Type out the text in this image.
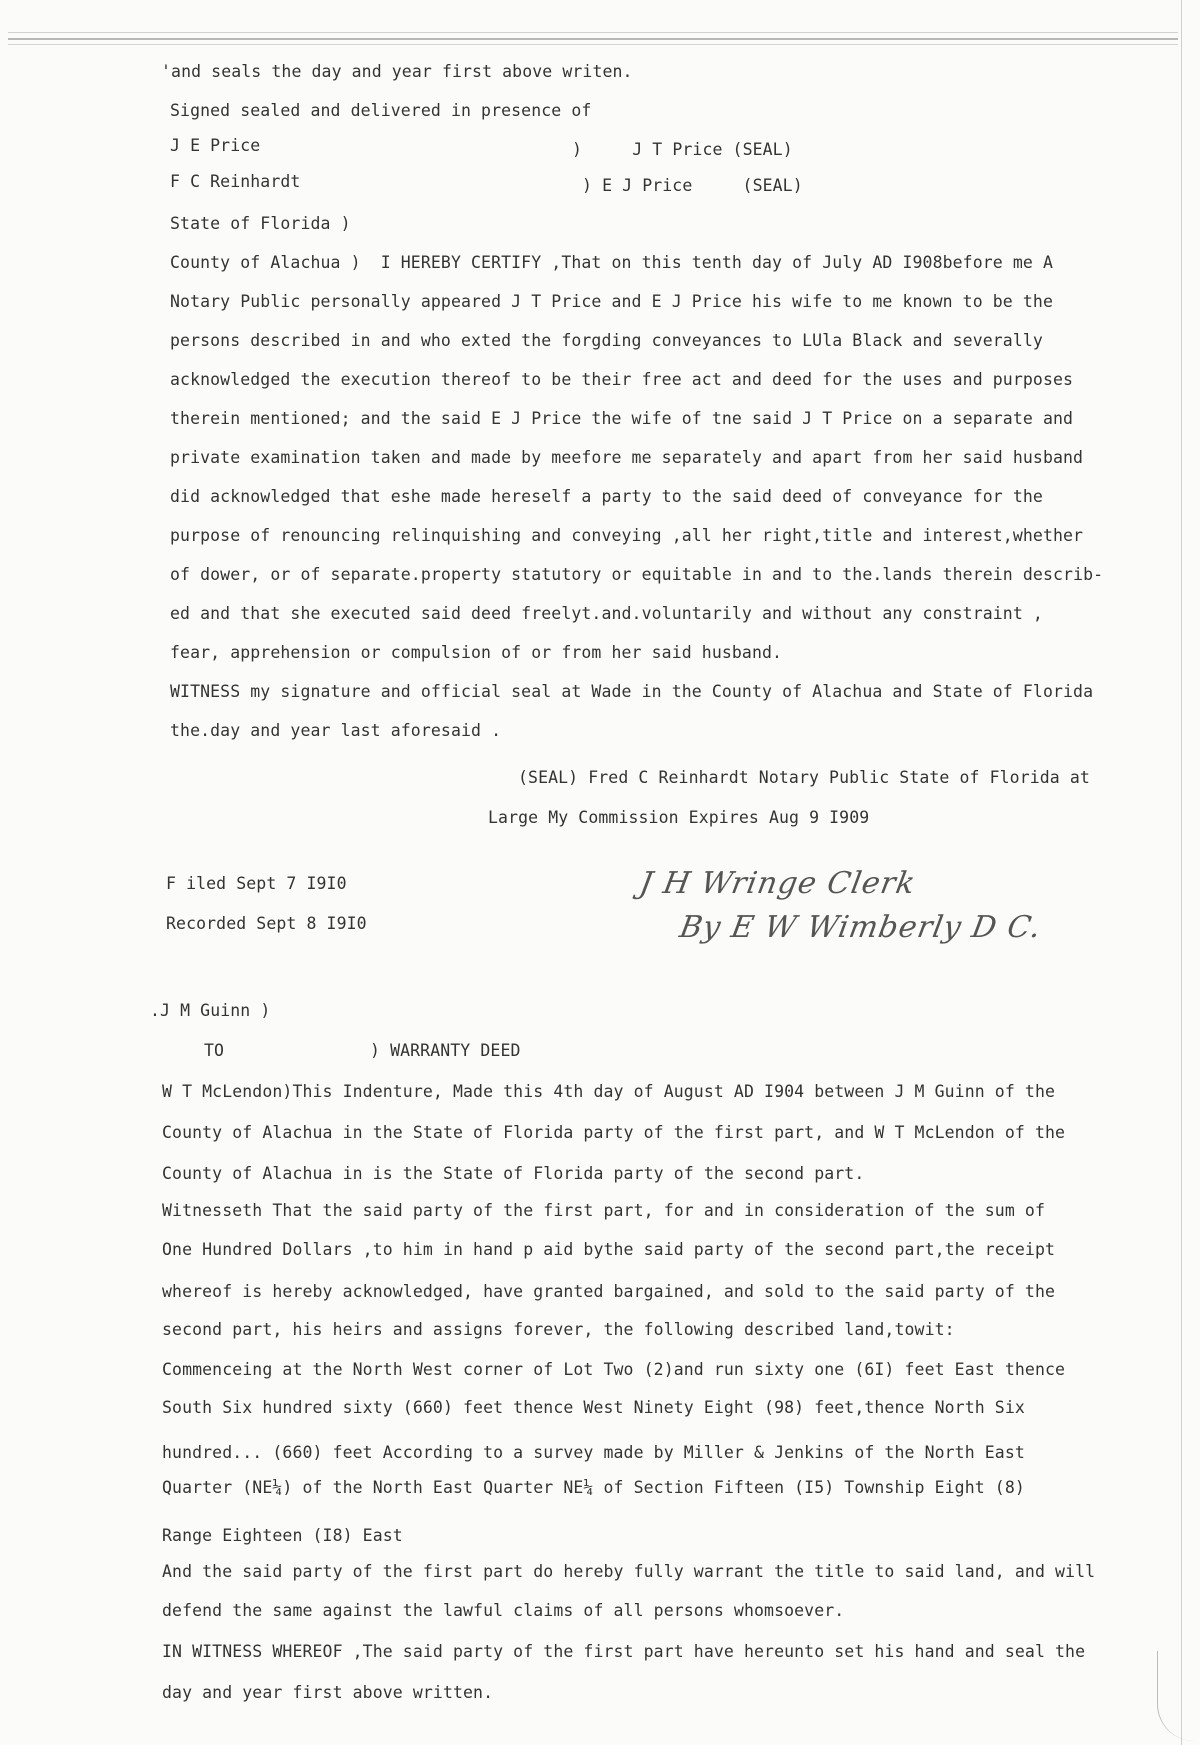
'and seals the day and year first above writen.
Signed sealed and delivered in presence of
J E Price	)     J T Price (SEAL)
F C Reinhardt	) E J Price     (SEAL)
State of Florida )
County of Alachua )  I HEREBY CERTIFY ,That on this tenth day of July AD I908before me A
Notary Public personally appeared J T Price and E J Price his wife to me known to be the
persons described in and who exted the forgding conveyances to LUla Black and severally
acknowledged the execution thereof to be their free act and deed for the uses and purposes
therein mentioned; and the said E J Price the wife of tne said J T Price on a separate and
private examination taken and made by meefore me separately and apart from her said husband
did acknowledged that eshe made hereself a party to the said deed of conveyance for the
purpose of renouncing relinquishing and conveying ,all her right,title and interest,whether
of dower, or of separate.property statutory or equitable in and to the.lands therein describ-
ed and that she executed said deed freelyt.and.voluntarily and without any constraint ,
fear, apprehension or compulsion of or from her said husband.
WITNESS my signature and official seal at Wade in the County of Alachua and State of Florida
the.day and year last aforesaid .
(SEAL) Fred C Reinhardt Notary Public State of Florida at
Large My Commission Expires Aug 9 I909
F iled Sept 7 I9I0
Recorded Sept 8 I9I0
J H Wringe Clerk
By E W Wimberly D C.
.J M Guinn )
TO	) WARRANTY DEED
W T McLendon)This Indenture, Made this 4th day of August AD I904 between J M Guinn of the
County of Alachua in the State of Florida party of the first part, and W T McLendon of the
County of Alachua in is the State of Florida party of the second part.
Witnesseth That the said party of the first part, for and in consideration of the sum of
One Hundred Dollars ,to him in hand p aid bythe said party of the second part,the receipt
whereof is hereby acknowledged, have granted bargained, and sold to the said party of the
second part, his heirs and assigns forever, the following described land,towit:
Commenceing at the North West corner of Lot Two (2)and run sixty one (6I) feet East thence
South Six hundred sixty (660) feet thence West Ninety Eight (98) feet,thence North Six
hundred... (660) feet According to a survey made by Miller & Jenkins of the North East
Quarter (NE¼) of the North East Quarter NE¼ of Section Fifteen (I5) Township Eight (8)
Range Eighteen (I8) East
And the said party of the first part do hereby fully warrant the title to said land, and will
defend the same against the lawful claims of all persons whomsoever.
IN WITNESS WHEREOF ,The said party of the first part have hereunto set his hand and seal the
day and year first above written.
